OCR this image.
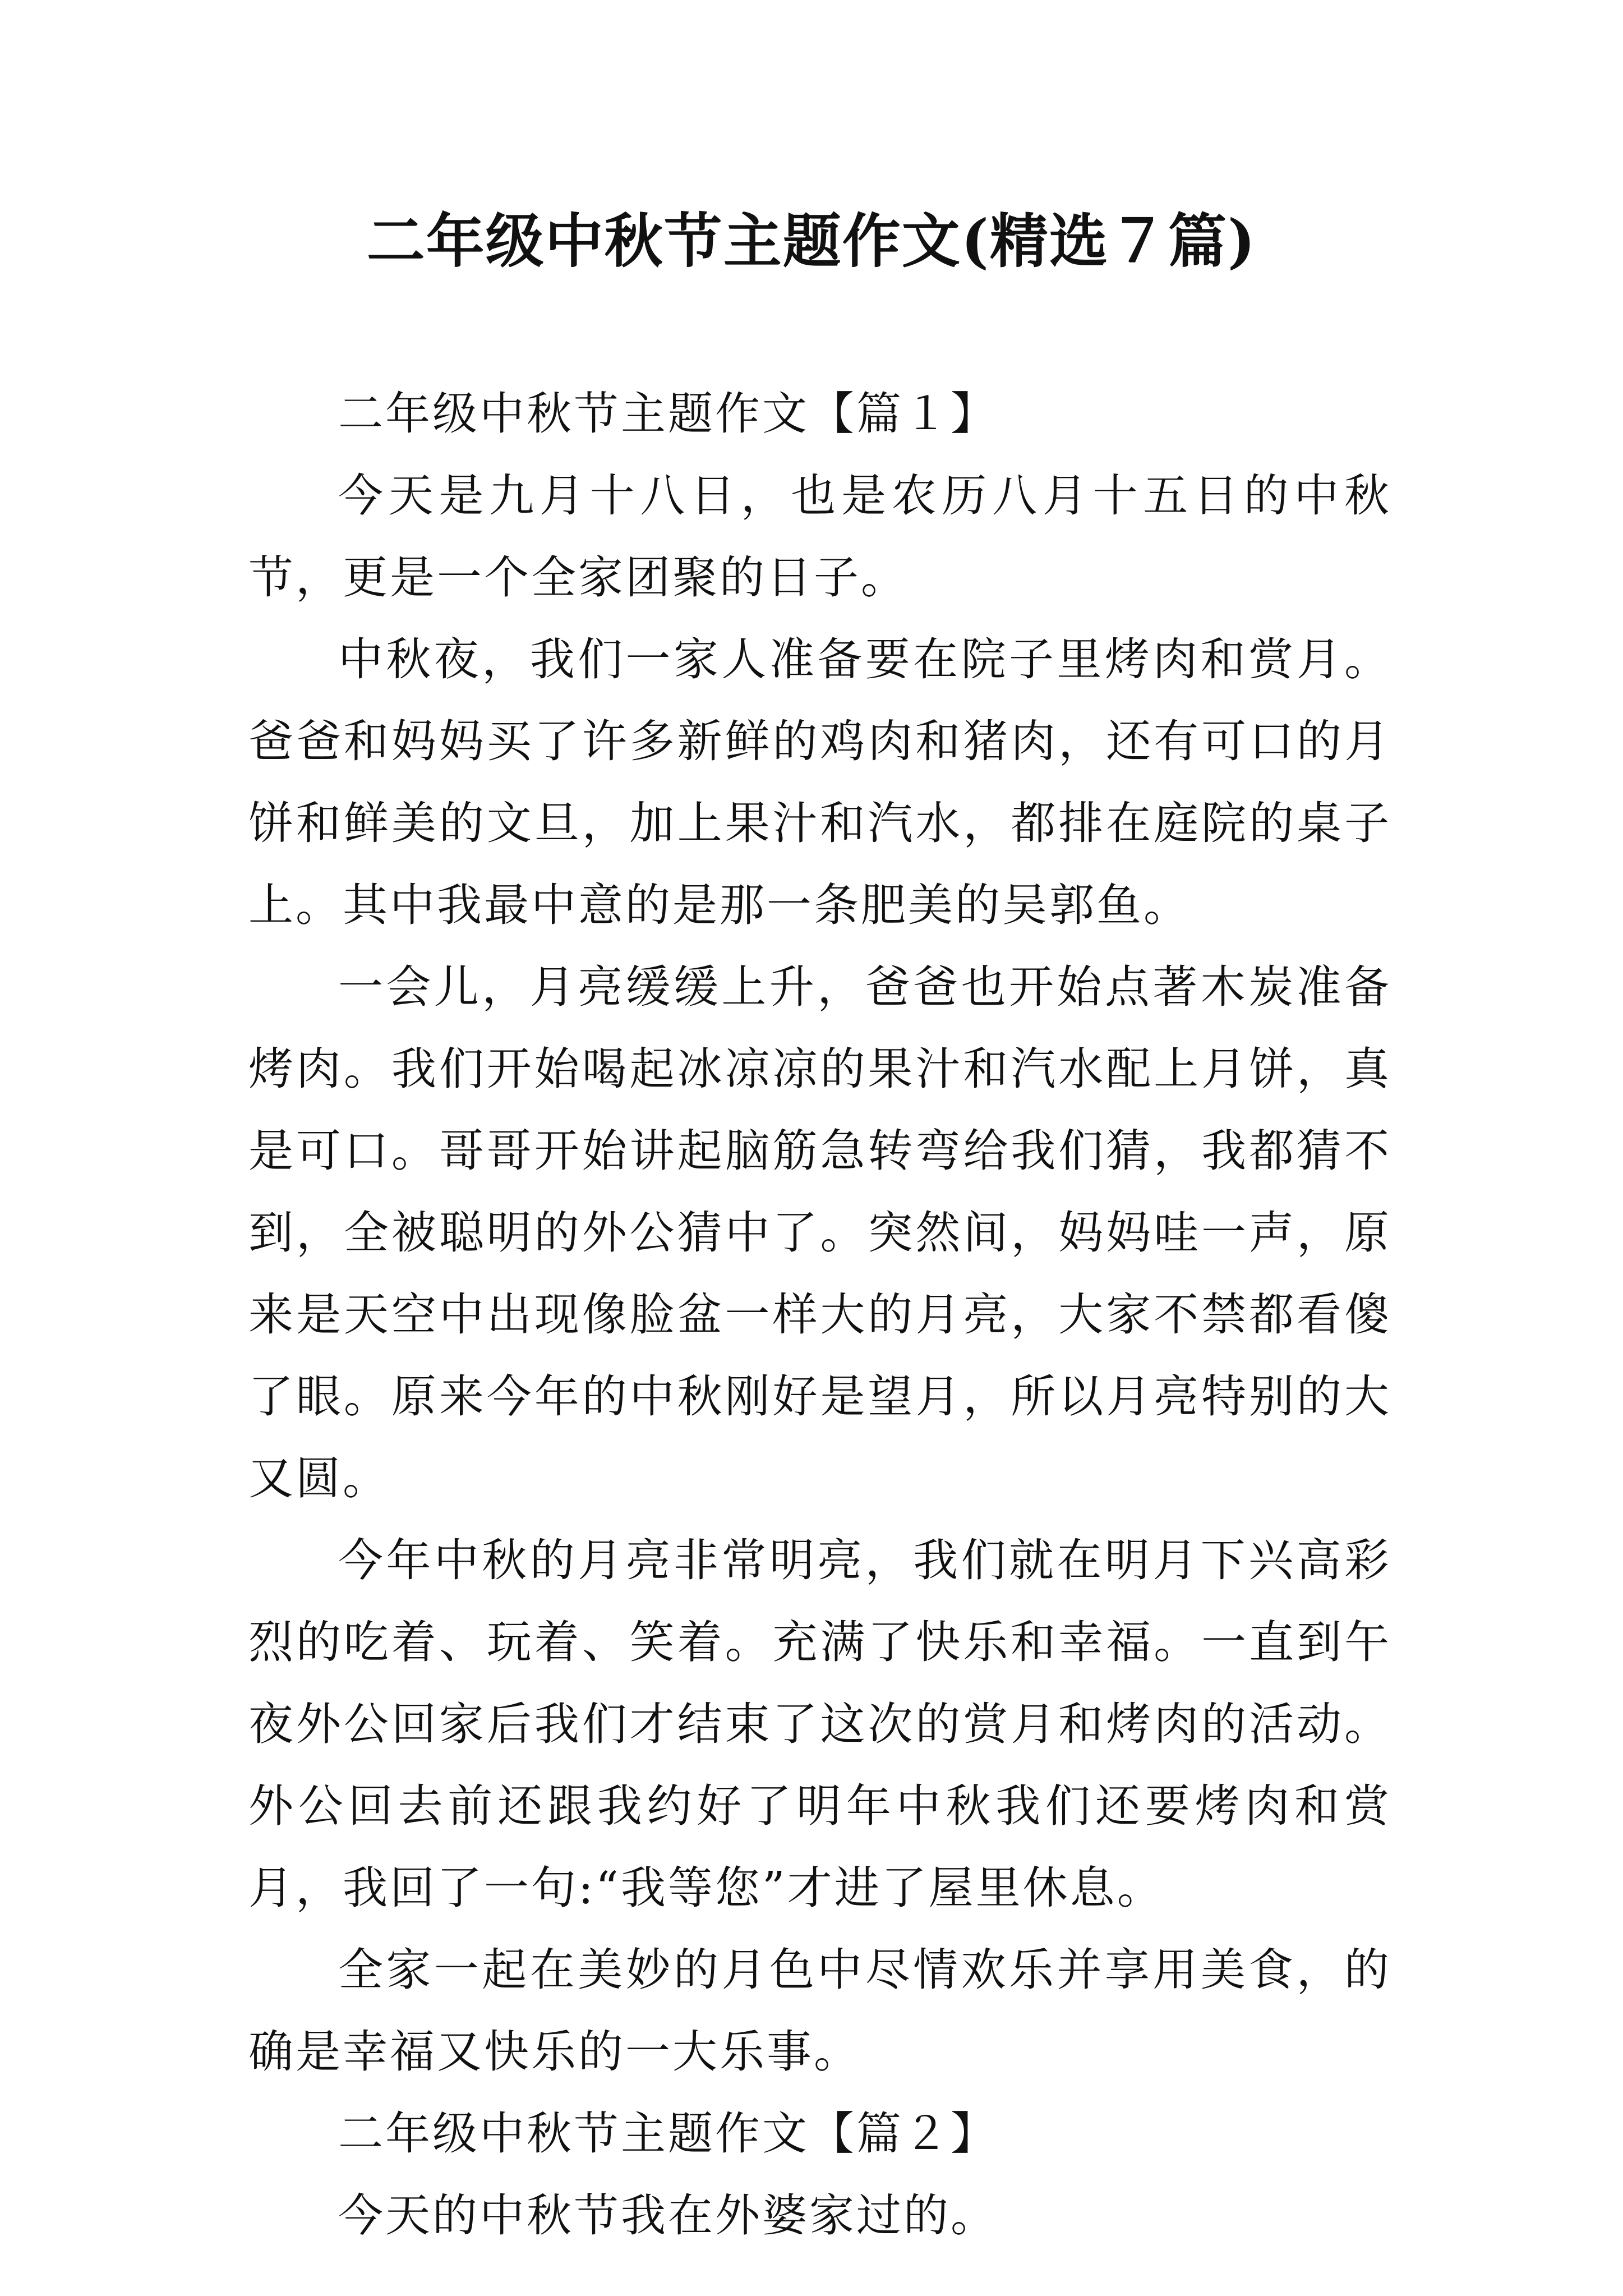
二年级中秋节主题作文(精选７篇)

二年级中秋节主题作文【篇１】

今天是九月十八日，也是农历八月十五日的中秋节，更是一个全家团聚的日子。

中秋夜，我们一家人准备要在院子里烤肉和赏月。爸爸和妈妈买了许多新鲜的鸡肉和猪肉，还有可口的月饼和鲜美的文旦，加上果汁和汽水，都排在庭院的桌子上。其中我最中意的是那一条肥美的吴郭鱼。

一会儿，月亮缓缓上升，爸爸也开始点著木炭准备烤肉。我们开始喝起冰凉凉的果汁和汽水配上月饼，真是可口。哥哥开始讲起脑筋急转弯给我们猜，我都猜不到，全被聪明的外公猜中了。突然间，妈妈哇一声，原来是天空中出现像脸盆一样大的月亮，大家不禁都看傻了眼。原来今年的中秋刚好是望月，所以月亮特别的大又圆。

今年中秋的月亮非常明亮，我们就在明月下兴高彩烈的吃着、玩着、笑着。充满了快乐和幸福。一直到午夜外公回家后我们才结束了这次的赏月和烤肉的活动。外公回去前还跟我约好了明年中秋我们还要烤肉和赏月，我回了一句:“我等您”才进了屋里休息。

全家一起在美妙的月色中尽情欢乐并享用美食，的确是幸福又快乐的一大乐事。

二年级中秋节主题作文【篇２】

今天的中秋节我在外婆家过的。
